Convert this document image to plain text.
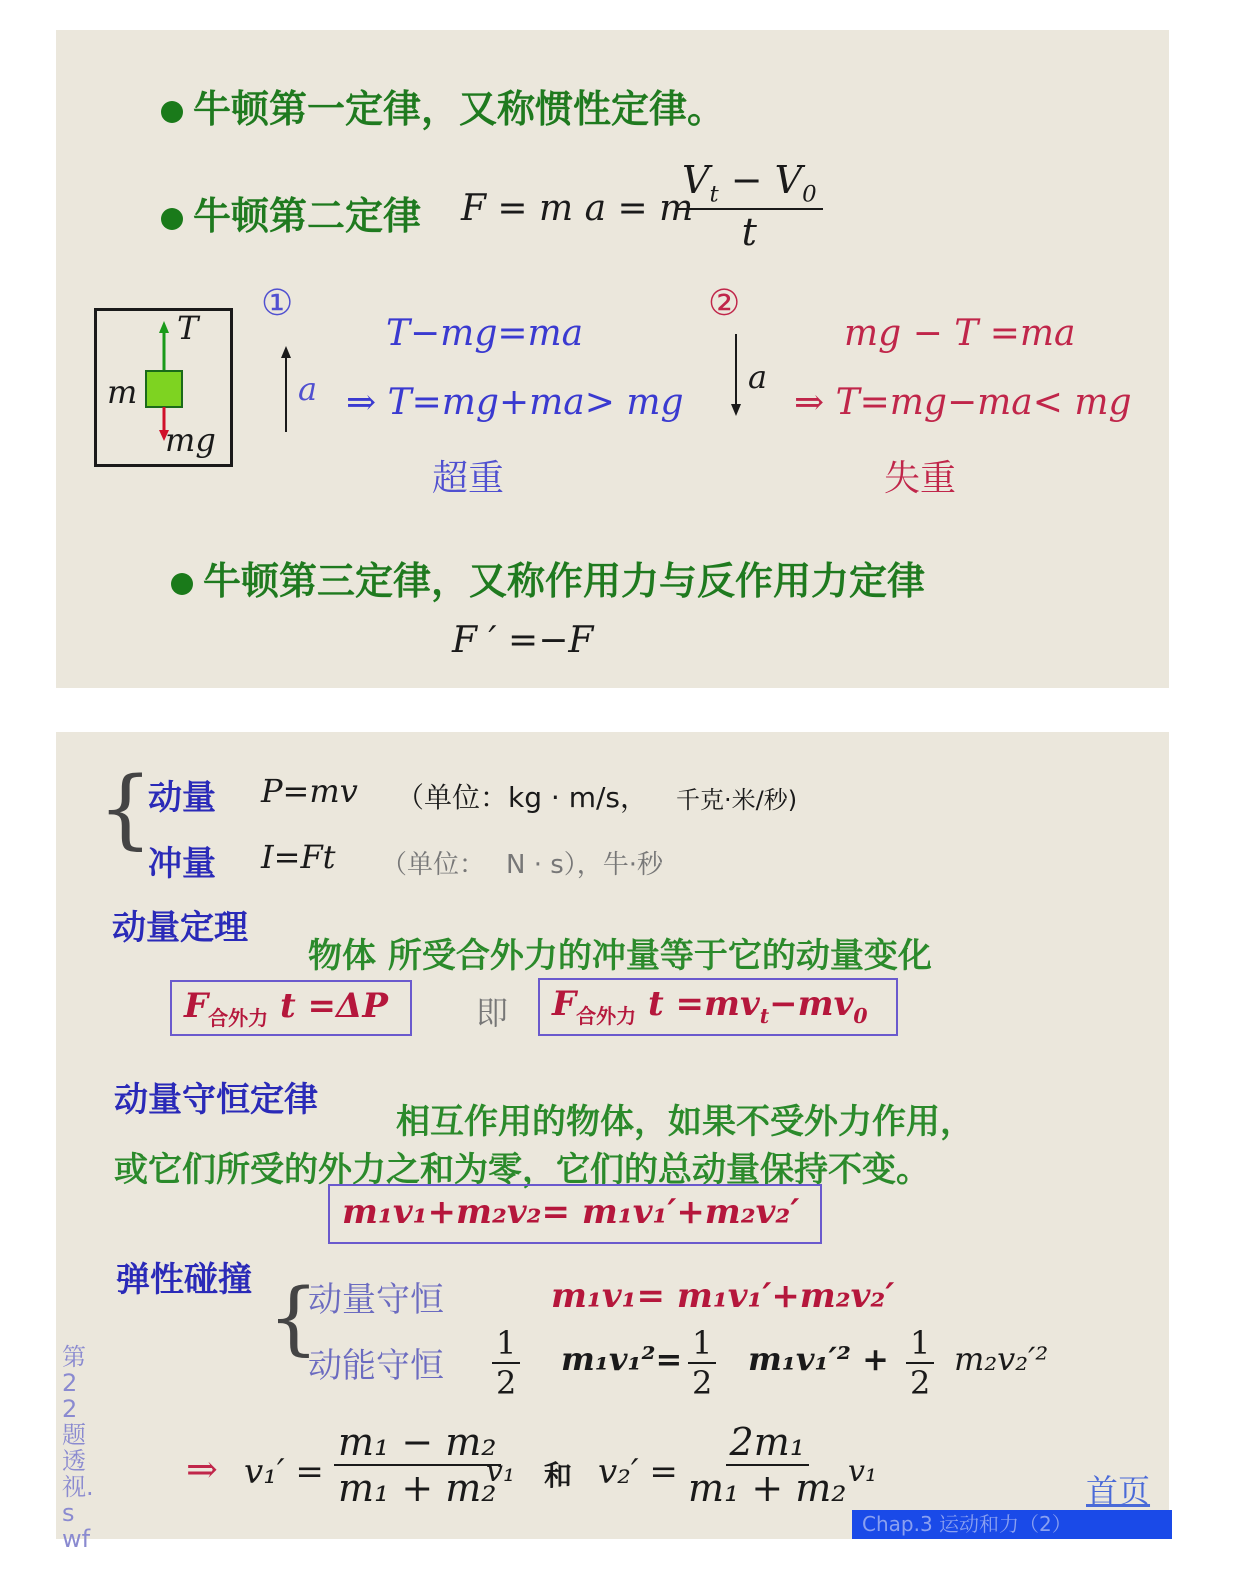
牛顿第一定律，又称惯性定律。
牛顿第二定律 F = m a = m
$\frac{V_t - V_0}{t}$
T
m
mg
①
a
T−mg=ma
⇒ T=mg+ma> mg
超重
②
a
mg − T =ma
⇒ T=mg−ma< mg
失重
牛顿第三定律，又称作用力与反作用力定律
F ′ =−F
{
动量 P=mv （单位：kg · m/s， 千克·米/秒)
冲量 I=Ft （单位： N · s），牛·秒
动量定理
物体 所受合外力的冲量等于它的动量变化
$F_{合外力}$ t =ΔP	即 $F_{合外力}$ $t =mv_t-mv_0$
动量守恒定律
相互作用的物体，如果不受外力作用，
或它们所受的外力之和为零，它们的总动量保持不变。
m₁v₁+m₂v₂= m₁v₁′+m₂v₂′
弹性碰撞 {
动量守恒	m₁v₁= m₁v₁′+m₂v₂′
动能守恒 $\frac{1}{2} m_1v_1^2= \frac{1}{2} m_1v_1'^2 + \frac{1}{2} m_2v_2'^2$
⇒ $v_1' = \frac{\text{m₁ − m₂}}{\text{m₁ + m₂}}$
v₁ 和 $v_2' = \frac{\text{2m₁}}{\text{m₁ + m₂}} v_1$
第22题透视.swf
首页
Chap.3 运动和力（2）
